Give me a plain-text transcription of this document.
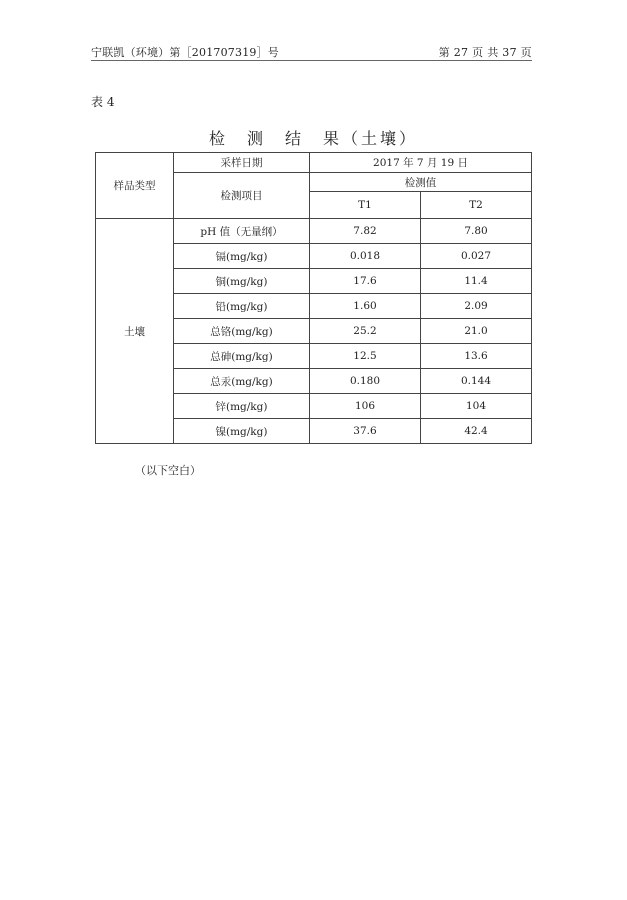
宁联凯（环境）第［201707319］号	第 27 页 共 37 页
表 4
检　测　结　果（土壤）
样品类型	采样日期	2017 年 7 月 19 日	
	检测项目	检测值	
		T1	T2
土壤	pH 值（无量纲）	7.82	7.80
	镉(mg/kg)	0.018	0.027
	铜(mg/kg)	17.6	11.4
	铅(mg/kg)	1.60	2.09
	总铬(mg/kg)	25.2	21.0
	总砷(mg/kg)	12.5	13.6
	总汞(mg/kg)	0.180	0.144
	锌(mg/kg)	106	104
	镍(mg/kg)	37.6	42.4
（以下空白）
